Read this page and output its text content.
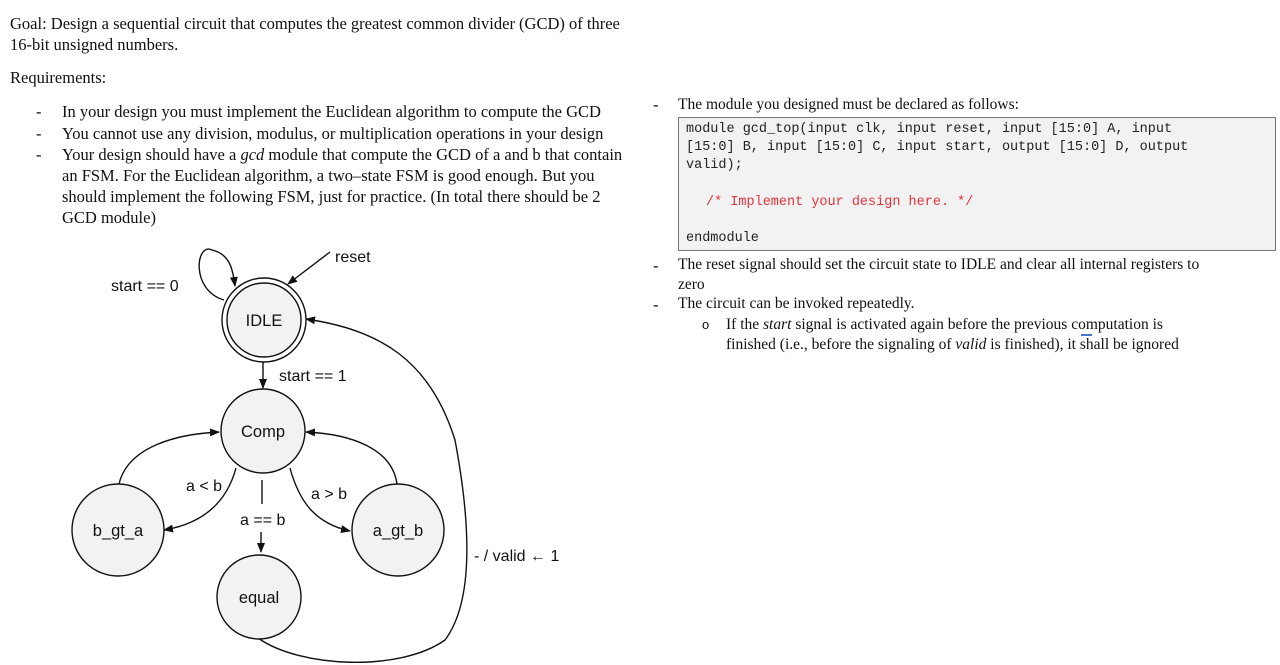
Goal: Design a sequential circuit that computes the greatest common divider (GCD) of three
16-bit unsigned numbers.
Requirements:
- In your design you must implement the Euclidean algorithm to compute the GCD
- You cannot use any division, modulus, or multiplication operations in your design
- Your design should have a gcd module that compute the GCD of a and b that contain
an FSM. For the Euclidean algorithm, a two–state FSM is good enough. But you
should implement the following FSM, just for practice. (In total there should be 2
GCD module)
IDLE
Comp
b_gt_a	a_gt_b
equal
reset
start == 0
start == 1
a < b	a > b
a == b
- / valid ← 1
- The module you designed must be declared as follows:
module gcd_top(input clk, input reset, input [15:0] A, input
[15:0] B, input [15:0] C, input start, output [15:0] D, output
valid);
/* Implement your design here. */
endmodule
- The reset signal should set the circuit state to IDLE and clear all internal registers to
zero
- The circuit can be invoked repeatedly.
o If the start signal is activated again before the previous computation is
finished (i.e., before the signaling of valid is finished), it shall be ignored
